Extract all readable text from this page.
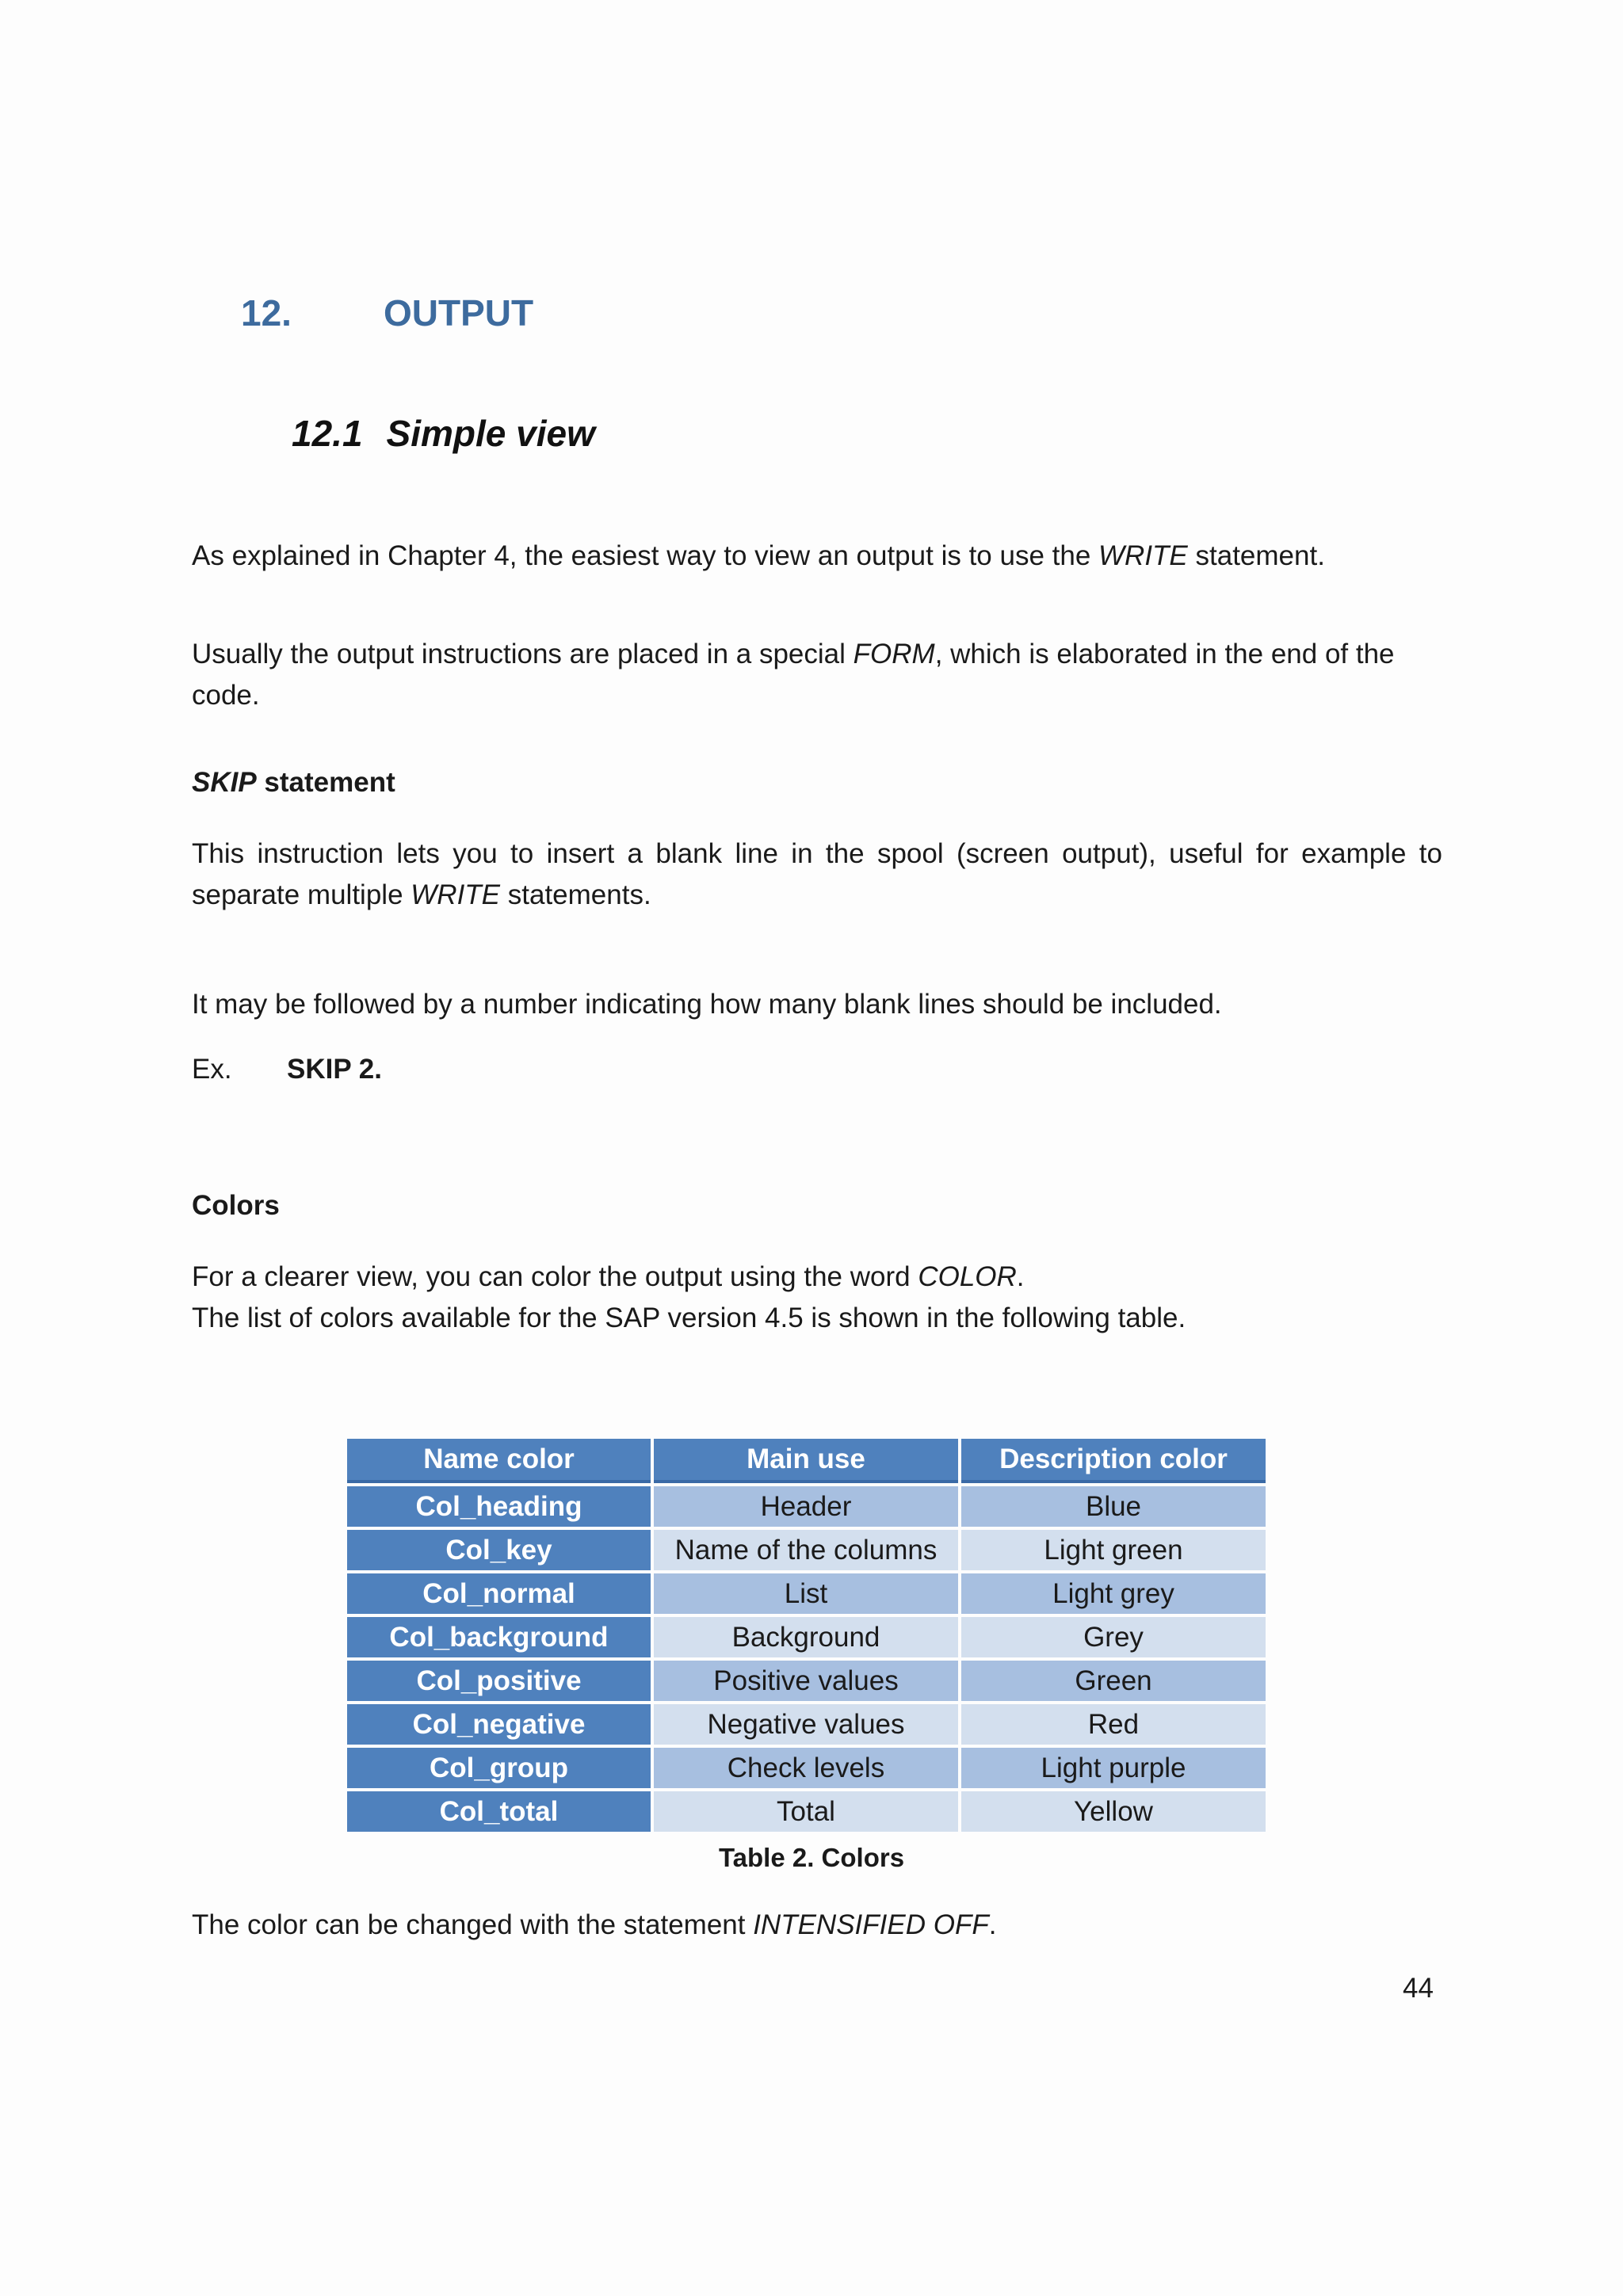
12.	OUTPUT
12.1 Simple view
As explained in Chapter 4, the easiest way to view an output is to use the WRITE statement.
Usually the output instructions are placed in a special FORM, which is elaborated in the end of the code.
SKIP statement
This instruction lets you to insert a blank line in the spool (screen output), useful for example to separate multiple WRITE statements.
It may be followed by a number indicating how many blank lines should be included.
Ex. SKIP 2.
Colors
For a clearer view, you can color the output using the word COLOR.
The list of colors available for the SAP version 4.5 is shown in the following table.
Name color	Main use	Description color
Col_heading	Header	Blue
Col_key	Name of the columns	Light green
Col_normal	List	Light grey
Col_background	Background	Grey
Col_positive	Positive values	Green
Col_negative	Negative values	Red
Col_group	Check levels	Light purple
Col_total	Total	Yellow
Table 2. Colors
The color can be changed with the statement INTENSIFIED OFF.
44
